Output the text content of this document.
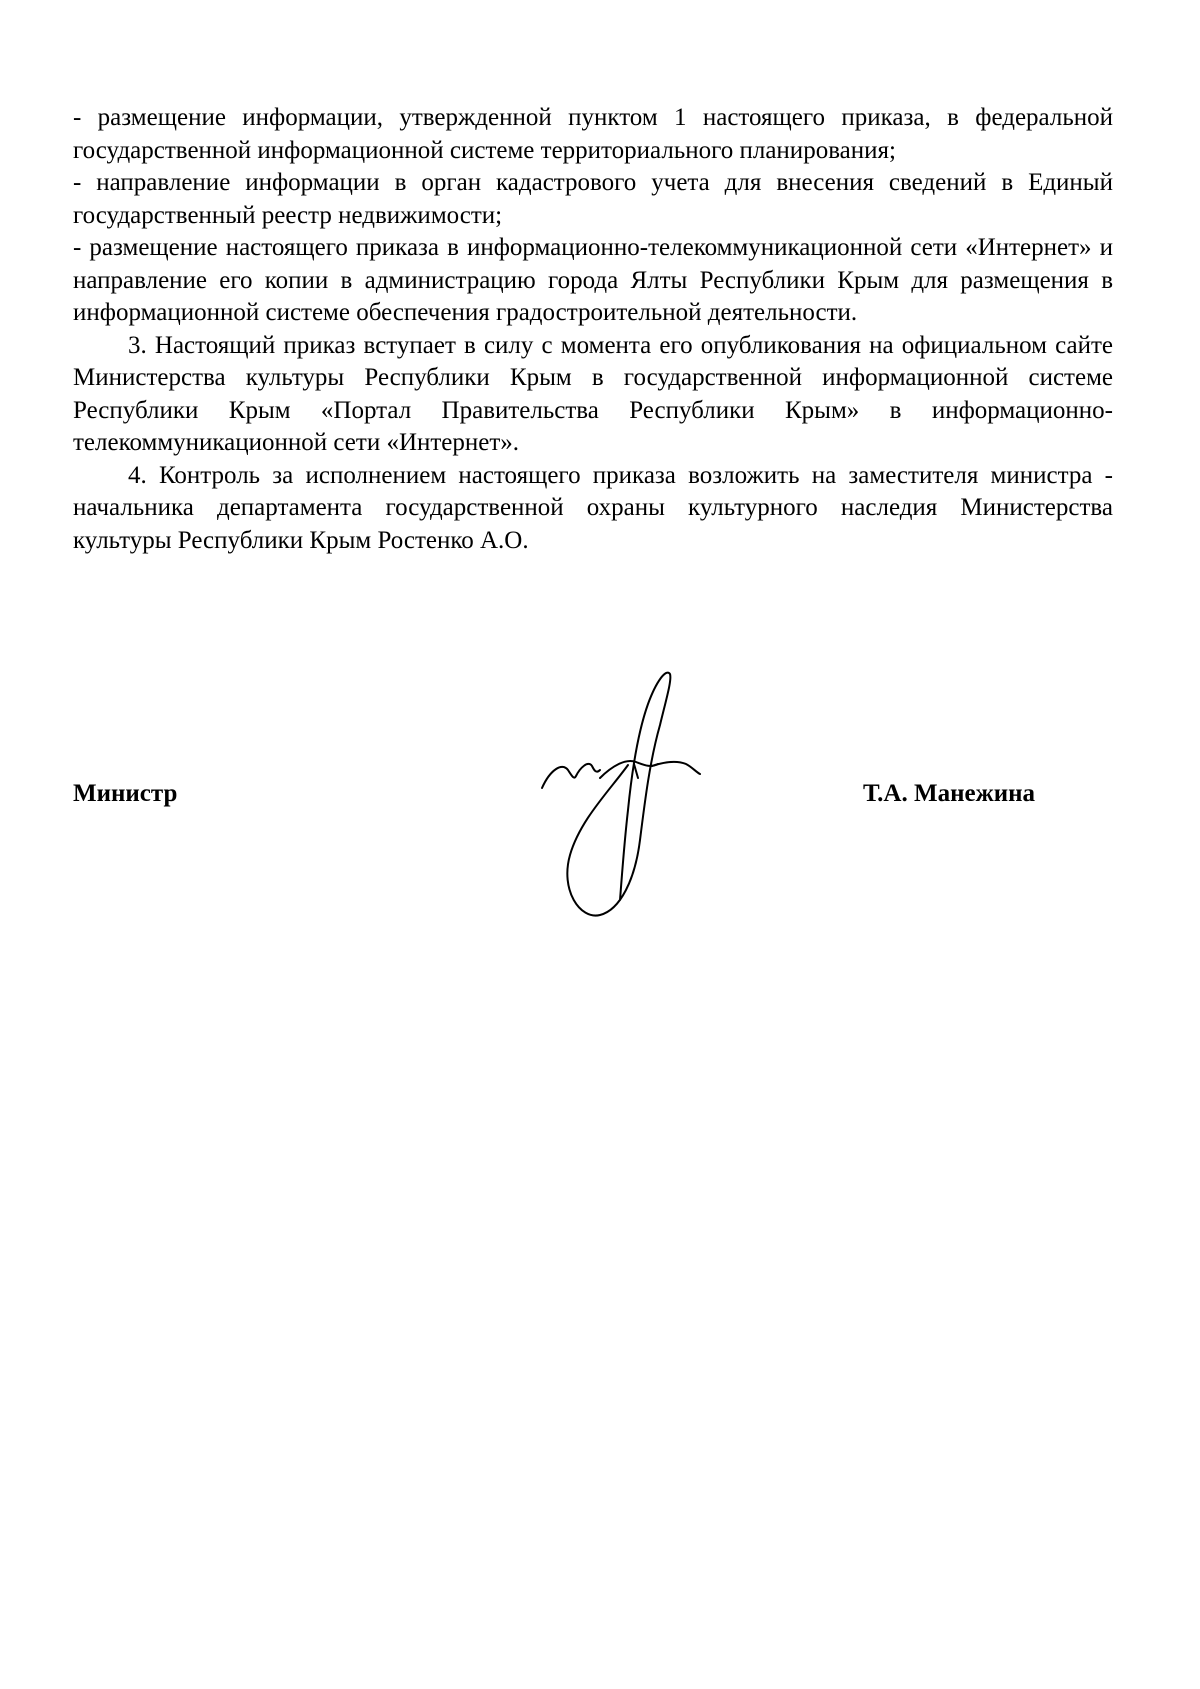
- размещение информации, утвержденной пунктом 1 настоящего приказа, в федеральной государственной информационной системе территориального планирования;

- направление информации в орган кадастрового учета для внесения сведений в Единый государственный реестр недвижимости;

- размещение настоящего приказа в информационно-телекоммуникационной сети «Интернет» и направление его копии в администрацию города Ялты Республики Крым для размещения в информационной системе обеспечения градостроительной деятельности.

3. Настоящий приказ вступает в силу с момента его опубликования на официальном сайте Министерства культуры Республики Крым в государственной информационной системе Республики Крым «Портал Правительства Республики Крым» в информационно-телекоммуникационной сети «Интернет».

4. Контроль за исполнением настоящего приказа возложить на заместителя министра - начальника департамента государственной охраны культурного наследия Министерства культуры Республики Крым Ростенко А.О.

Министр	Т.А. Манежина
